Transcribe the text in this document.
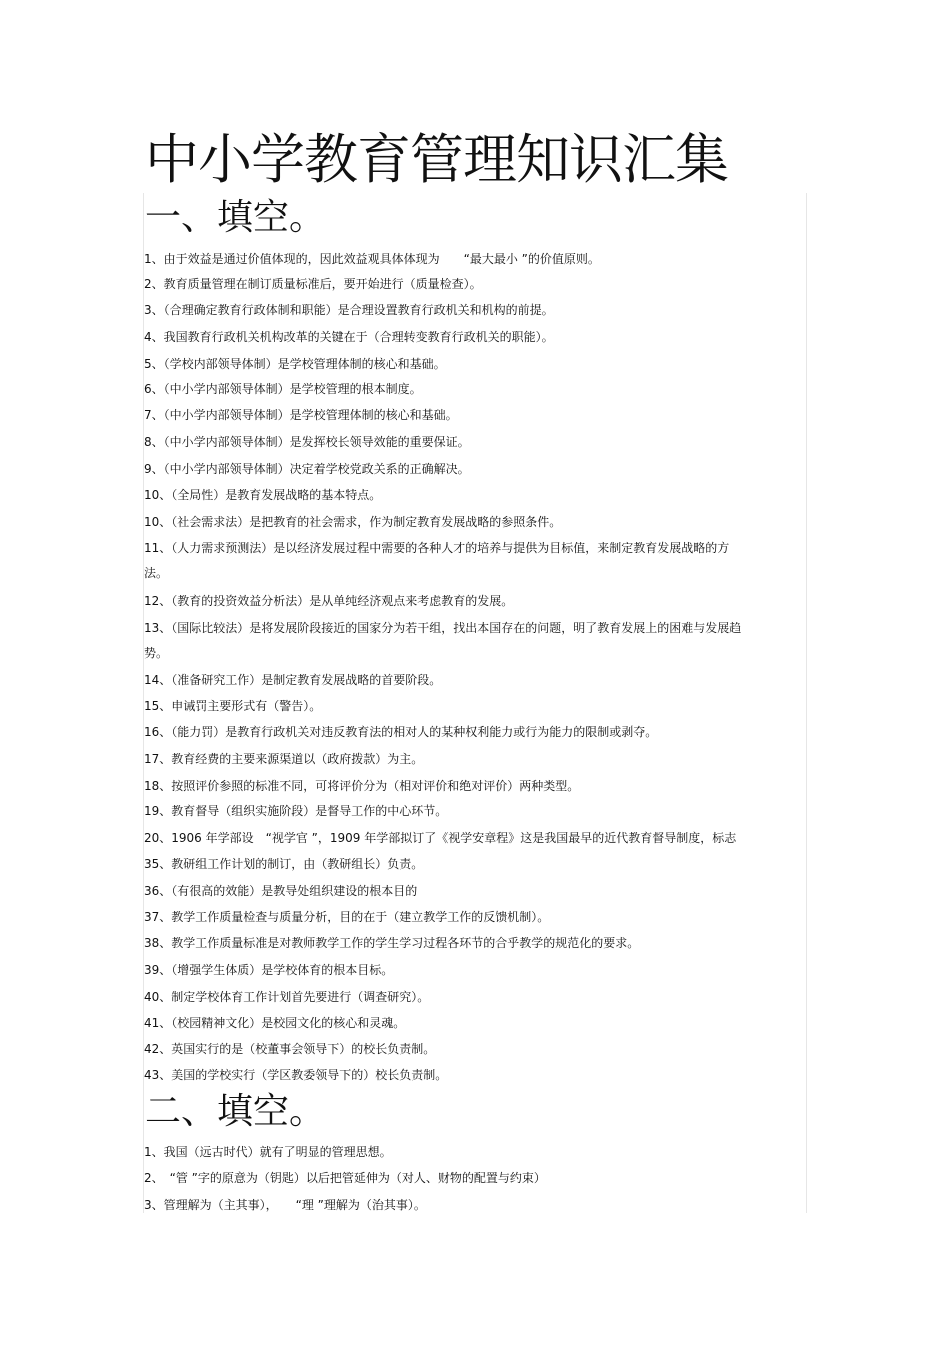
中小学教育管理知识汇集
一、填空。
1、由于效益是通过价值体现的，因此效益观具体体现为　　“最大最小 ”的价值原则。
2、教育质量管理在制订质量标准后，要开始进行（质量检查）。
3、（合理确定教育行政体制和职能）是合理设置教育行政机关和机构的前提。
4、我国教育行政机关机构改革的关键在于（合理转变教育行政机关的职能）。
5、（学校内部领导体制）是学校管理体制的核心和基础。
6、（中小学内部领导体制）是学校管理的根本制度。
7、（中小学内部领导体制）是学校管理体制的核心和基础。
8、（中小学内部领导体制）是发挥校长领导效能的重要保证。
9、（中小学内部领导体制）决定着学校党政关系的正确解决。
10、（全局性）是教育发展战略的基本特点。
10、（社会需求法）是把教育的社会需求，作为制定教育发展战略的参照条件。
11、（人力需求预测法）是以经济发展过程中需要的各种人才的培养与提供为目标值，来制定教育发展战略的方法。
12、（教育的投资效益分析法）是从单纯经济观点来考虑教育的发展。
13、（国际比较法）是将发展阶段接近的国家分为若干组，找出本国存在的问题，明了教育发展上的困难与发展趋势。
14、（准备研究工作）是制定教育发展战略的首要阶段。
15、申诫罚主要形式有（警告）。
16、（能力罚）是教育行政机关对违反教育法的相对人的某种权利能力或行为能力的限制或剥夺。
17、教育经费的主要来源渠道以（政府拨款）为主。
18、按照评价参照的标准不同，可将评价分为（相对评价和绝对评价）两种类型。
19、教育督导（组织实施阶段）是督导工作的中心环节。
20、1906 年学部设　“视学官 ”，1909 年学部拟订了《视学安章程》这是我国最早的近代教育督导制度，标志
35、教研组工作计划的制订，由（教研组长）负责。
36、（有很高的效能）是教导处组织建设的根本目的
37、教学工作质量检查与质量分析，目的在于（建立教学工作的反馈机制）。
38、教学工作质量标准是对教师教学工作的学生学习过程各环节的合乎教学的规范化的要求。
39、（增强学生体质）是学校体育的根本目标。
40、制定学校体育工作计划首先要进行（调查研究）。
41、（校园精神文化）是校园文化的核心和灵魂。
42、英国实行的是（校董事会领导下）的校长负责制。
43、美国的学校实行（学区教委领导下的）校长负责制。
二、填空。
1、我国（远古时代）就有了明显的管理思想。
2、　“管 ”字的原意为（钥匙）以后把管延伸为（对人、财物的配置与约束）
3、管理解为（主其事），　　“理 ”理解为（治其事）。
